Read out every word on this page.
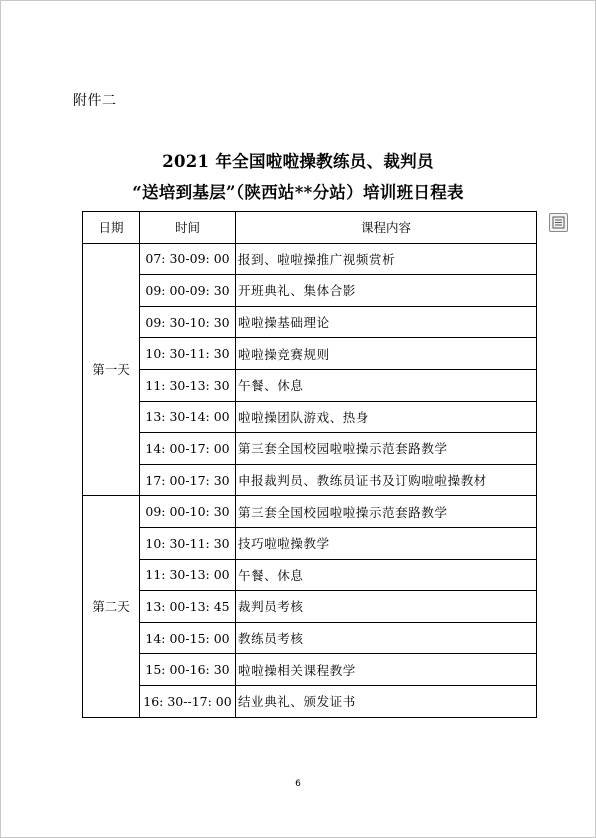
附件二
2021 年全国啦啦操教练员、裁判员
“送培到基层”（陕西站**分站）培训班日程表
日期	时间	课程内容
第一天	07: 30-09: 00	报到、啦啦操推广视频赏析
	09: 00-09: 30	开班典礼、集体合影
	09: 30-10: 30	啦啦操基础理论
	10: 30-11: 30	啦啦操竞赛规则
	11: 30-13: 30	午餐、休息
	13: 30-14: 00	啦啦操团队游戏、热身
	14: 00-17: 00	第三套全国校园啦啦操示范套路教学
	17: 00-17: 30	申报裁判员、教练员证书及订购啦啦操教材
第二天	09: 00-10: 30	第三套全国校园啦啦操示范套路教学
	10: 30-11: 30	技巧啦啦操教学
	11: 30-13: 00	午餐、休息
	13: 00-13: 45	裁判员考核
	14: 00-15: 00	教练员考核
	15: 00-16: 30	啦啦操相关课程教学
	16: 30--17: 00	结业典礼、颁发证书
6
